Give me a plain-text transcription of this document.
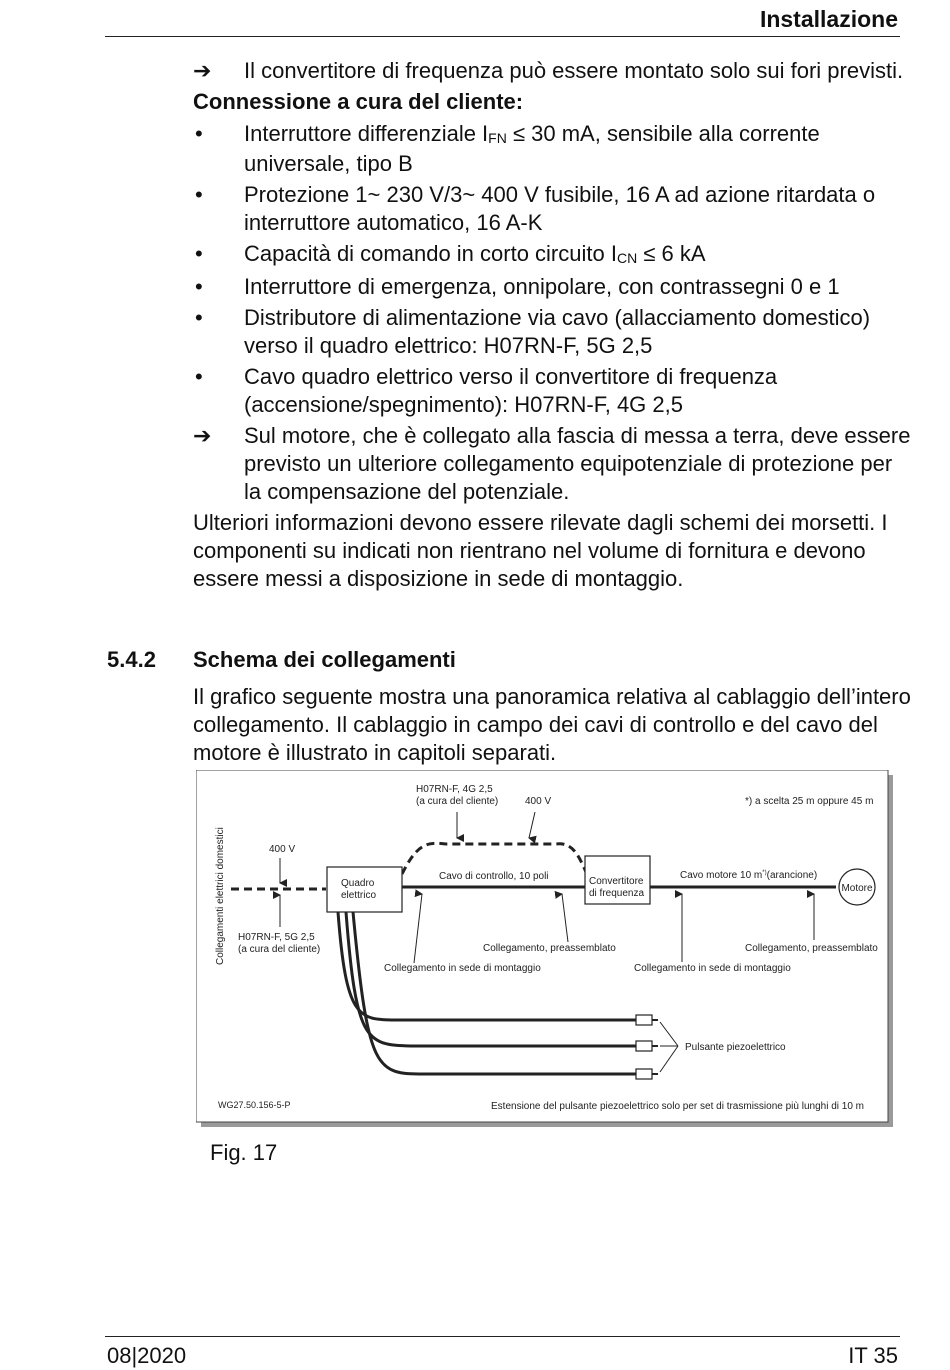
Installazione
➔	Il convertitore di frequenza può essere montato solo sui fori previsti.
Connessione a cura del cliente:
•	Interruttore differenziale $I_{FN} \le 30$ mA, sensibile alla corrente universale, tipo B
•	Protezione 1~ 230 V/3~ 400 V fusibile, 16 A ad azione ritardata o interruttore automatico, 16 A-K
•	Capacità di comando in corto circuito $I_{CN} \le 6$ kA
•	Interruttore di emergenza, onnipolare, con contrassegni 0 e 1
•	Distributore di alimentazione via cavo (allacciamento domestico) verso il quadro elettrico: H07RN-F, 5G 2,5
•	Cavo quadro elettrico verso il convertitore di frequenza (accensione/spegnimento): H07RN-F, 4G 2,5
➔	Sul motore, che è collegato alla fascia di messa a terra, deve essere previsto un ulteriore collegamento equipotenziale di protezione per la compensazione del potenziale.
Ulteriori informazioni devono essere rilevate dagli schemi dei morsetti. I componenti su indicati non rientrano nel volume di fornitura e devono essere messi a disposizione in sede di montaggio.
5.4.2 Schema dei collegamenti
Il grafico seguente mostra una panoramica relativa al cablaggio dell’intero collegamento. Il cablaggio in campo dei cavi di controllo e del cavo del motore è illustrato in capitoli separati.
Collegamenti elettrici domestici
H07RN-F, 4G 2,5
(a cura del cliente)	400 V	*) a scelta 25 m oppure 45 m
400 V
Quadro
elettrico
Cavo di controllo, 10 poli	Convertitore
di frequenza
Cavo motore 10 m*)(arancione)
Motore
H07RN-F, 5G 2,5
(a cura del cliente)	Collegamento, preassemblato	Collegamento, preassemblato
Collegamento in sede di montaggio	Collegamento in sede di montaggio
Pulsante piezoelettrico
WG27.50.156-5-P	Estensione del pulsante piezoelettrico solo per set di trasmissione più lunghi di 10 m
Fig. 17
08|2020	IT 35
